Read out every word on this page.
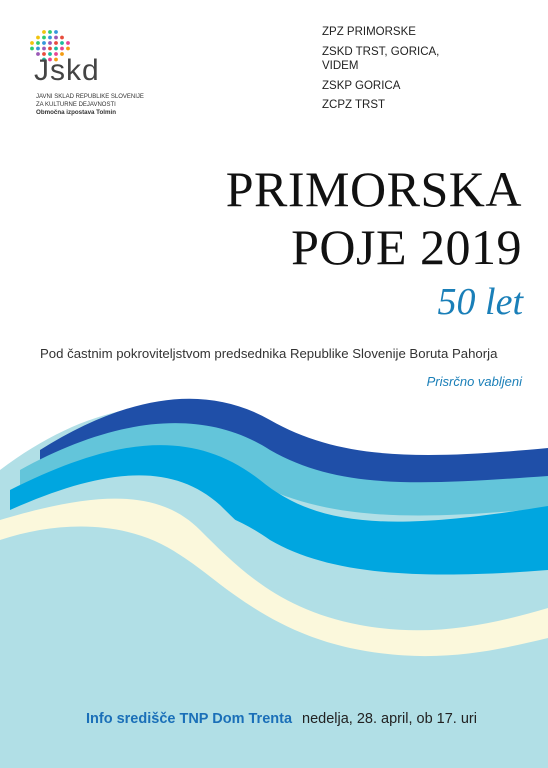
Jskd
JAVNI SKLAD REPUBLIKE SLOVENIJE
ZA KULTURNE DEJAVNOSTI
Območna izpostava Tolmin
ZPZ PRIMORSKE
ZSKD TRST, GORICA, VIDEM
ZSKP GORICA
ZCPZ TRST
PRIMORSKA
POJE 2019
50 let
Pod častnim pokroviteljstvom predsednika Republike Slovenije Boruta Pahorja
Prisrčno vabljeni
Info središče TNP Dom Trenta nedelja, 28. april, ob 17. uri
